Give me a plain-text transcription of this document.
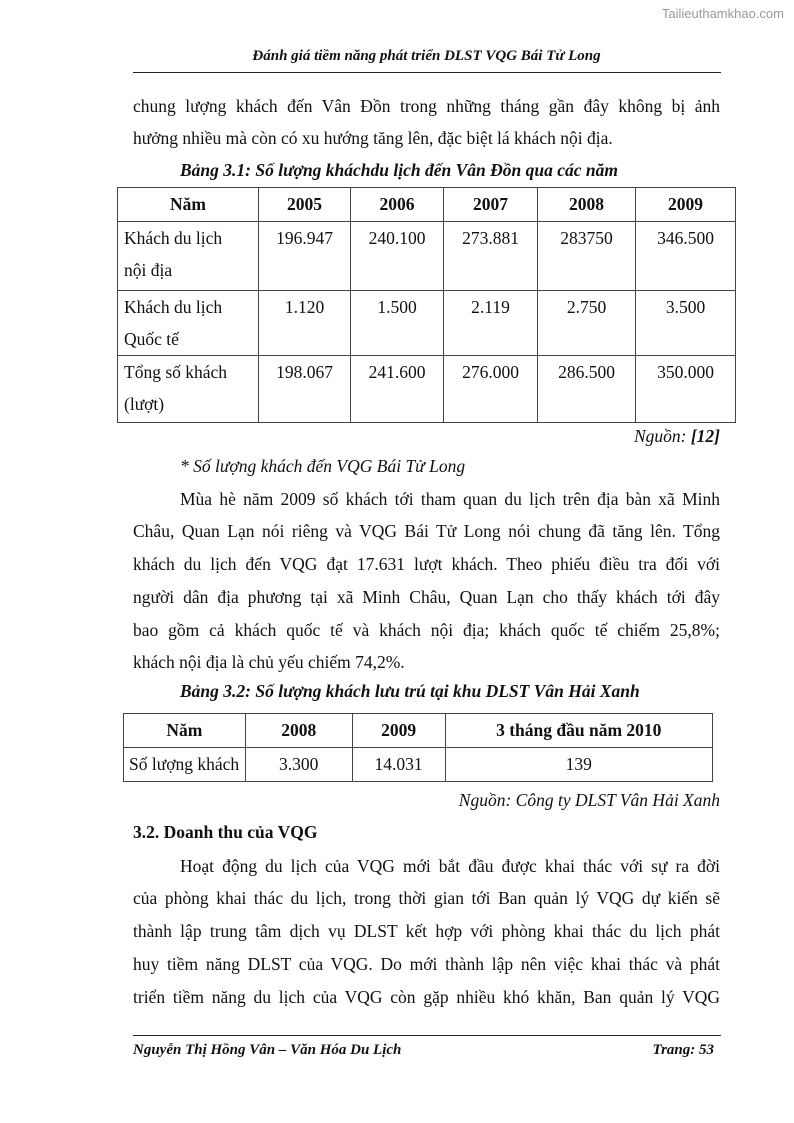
Tailieuthamkhao.com
Đánh giá tiềm năng phát triển DLST VQG Bái Tử Long
chung lượng khách đến Vân Đồn trong những tháng gần đây không bị ảnh
hưởng nhiều mà còn có xu hướng tăng lên, đặc biệt lá khách nội địa.
Bảng 3.1: Số lượng kháchdu lịch đến Vân Đồn qua các năm
Năm	2005	2006	2007	2008	2009
Khách du lịch
nội địa	196.947	240.100	273.881	283750	346.500
Khách du lịch
Quốc tế	1.120	1.500	2.119	2.750	3.500
Tổng số khách
(lượt)	198.067	241.600	276.000	286.500	350.000
Nguồn: [12]
* Số lượng khách đến VQG Bái Tử Long
Mùa hè năm 2009 số khách tới tham quan du lịch trên địa bàn xã Minh
Châu, Quan Lạn nói riêng và VQG Bái Tử Long nói chung đã tăng lên. Tổng
khách du lịch đến VQG đạt 17.631 lượt khách. Theo phiếu điều tra đối với
người dân địa phương tại xã Minh Châu, Quan Lạn cho thấy khách tới đây
bao gồm cả khách quốc tế và khách nội địa; khách quốc tế chiếm 25,8%;
khách nội địa là chủ yếu chiếm 74,2%.
Bảng 3.2: Số lượng khách lưu trú tại khu DLST Vân Hải Xanh
Năm	2008	2009	3 tháng đầu năm 2010
Số lượng khách	3.300	14.031	139
Nguồn: Công ty DLST Vân Hải Xanh
3.2. Doanh thu của VQG
Hoạt động du lịch của VQG mới bắt đầu được khai thác với sự ra đời
của phòng khai thác du lịch, trong thời gian tới Ban quản lý VQG dự kiến sẽ
thành lập trung tâm dịch vụ DLST kết hợp với phòng khai thác du lịch phát
huy tiềm năng DLST của VQG. Do mới thành lập nên việc khai thác và phát
triển tiềm năng du lịch của VQG còn gặp nhiều khó khăn, Ban quản lý VQG
Nguyễn Thị Hồng Vân – Văn Hóa Du Lịch	Trang: 53
